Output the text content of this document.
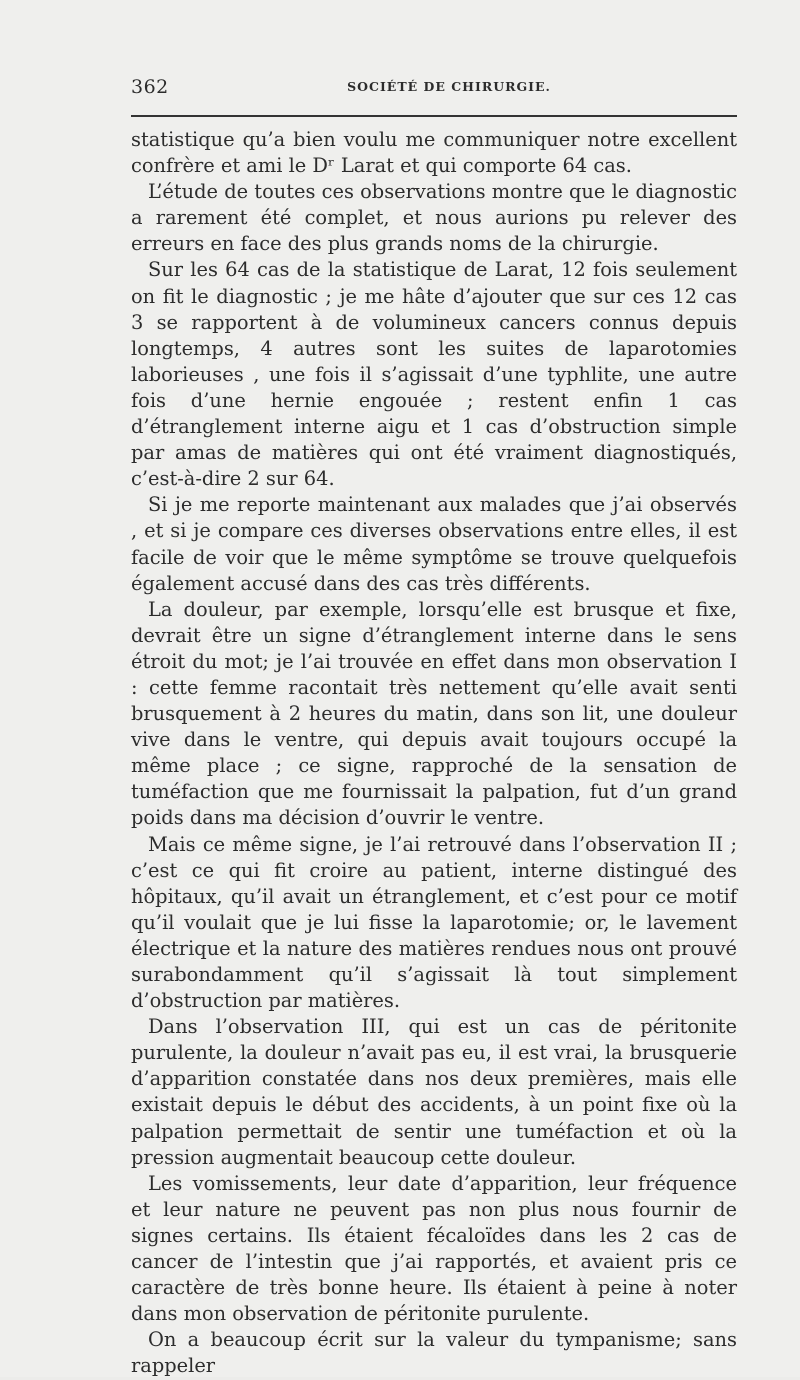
362	SOCIÉTÉ DE CHIRURGIE.

statistique qu’a bien voulu me communiquer notre excellent confrère et ami le Dʳ Larat et qui comporte 64 cas.

L’étude de toutes ces observations montre que le diagnostic a rarement été complet, et nous aurions pu relever des erreurs en face des plus grands noms de la chirurgie.

Sur les 64 cas de la statistique de Larat, 12 fois seulement on fit le diagnostic ; je me hâte d’ajouter que sur ces 12 cas 3 se rapportent à de volumineux cancers connus depuis longtemps, 4 autres sont les suites de laparotomies laborieuses , une fois il s’agissait d’une typhlite, une autre fois d’une hernie engouée ; restent enfin 1 cas d’étranglement interne aigu et 1 cas d’obstruction simple par amas de matières qui ont été vraiment diagnostiqués, c’est-à-dire 2 sur 64.

Si je me reporte maintenant aux malades que j’ai observés , et si je compare ces diverses observations entre elles, il est facile de voir que le même symptôme se trouve quelquefois également accusé dans des cas très différents.

La douleur, par exemple, lorsqu’elle est brusque et fixe, devrait être un signe d’étranglement interne dans le sens étroit du mot; je l’ai trouvée en effet dans mon observation I : cette femme racontait très nettement qu’elle avait senti brusquement à 2 heures du matin, dans son lit, une douleur vive dans le ventre, qui depuis avait toujours occupé la même place ; ce signe, rapproché de la sensation de tuméfaction que me fournissait la palpation, fut d’un grand poids dans ma décision d’ouvrir le ventre.

Mais ce même signe, je l’ai retrouvé dans l’observation II ; c’est ce qui fit croire au patient, interne distingué des hôpitaux, qu’il avait un étranglement, et c’est pour ce motif qu’il voulait que je lui fisse la laparotomie; or, le lavement électrique et la nature des matières rendues nous ont prouvé surabondamment qu’il s’agissait là tout simplement d’obstruction par matières.

Dans l’observation III, qui est un cas de péritonite purulente, la douleur n’avait pas eu, il est vrai, la brusquerie d’apparition constatée dans nos deux premières, mais elle existait depuis le début des accidents, à un point fixe où la palpation permettait de sentir une tuméfaction et où la pression augmentait beaucoup cette douleur.

Les vomissements, leur date d’apparition, leur fréquence et leur nature ne peuvent pas non plus nous fournir de signes certains. Ils étaient fécaloïdes dans les 2 cas de cancer de l’intestin que j’ai rapportés, et avaient pris ce caractère de très bonne heure. Ils étaient à peine à noter dans mon observation de péritonite purulente.

On a beaucoup écrit sur la valeur du tympanisme; sans rappeler
